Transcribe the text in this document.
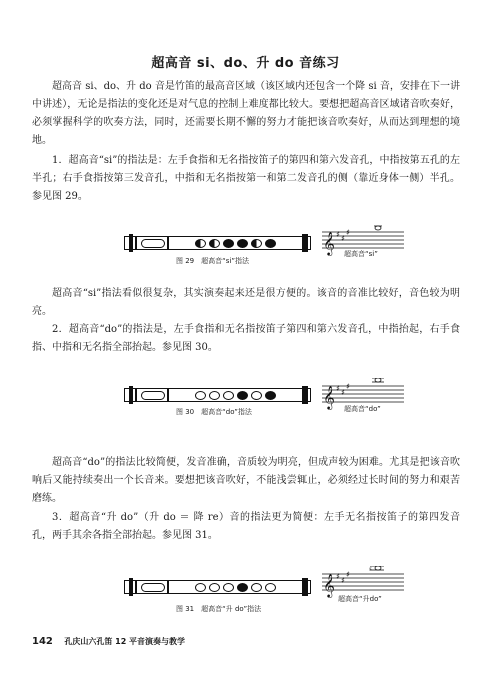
超高音 si、do、升 do 音练习

超高音 si、do、升 do 音是竹笛的最高音区域（该区域内还包含一个降 si 音，安排在下一讲中讲述），无论是指法的变化还是对气息的控制上难度都比较大。要想把超高音区域诸音吹奏好，必须掌握科学的吹奏方法，同时，还需要长期不懈的努力才能把该音吹奏好，从而达到理想的境地。

1．超高音“si”的指法是：左手食指和无名指按笛子的第四和第六发音孔，中指按第五孔的左半孔；右手食指按第三发音孔，中指和无名指按第一和第二发音孔的侧（靠近身体一侧）半孔。参见图 29。

𝄞 ♯ ♯
♯
图 29　超高音“si”指法
超高音“si”

超高音“si”指法看似很复杂，其实演奏起来还是很方便的。该音的音准比较好，音色较为明亮。

2．超高音“do”的指法是，左手食指和无名指按笛子第四和第六发音孔，中指抬起，右手食指、中指和无名指全部抬起。参见图 30。

𝄞 ♯ ♯
♯
图 30　超高音“do”指法	超高音“do”

超高音“do”的指法比较简便，发音准确，音质较为明亮，但成声较为困难。尤其是把该音吹响后又能持续奏出一个长音来。要想把该音吹好，不能浅尝辄止，必须经过长时间的努力和艰苦磨练。

3．超高音“升 do”（升 do ＝ 降 re）音的指法更为简便：左手无名指按笛子的第四发音孔，两手其余各指全部抬起。参见图 31。

𝄞 ♯ ♯
♯
♯
图 31　超高音“升 do”指法
超高音“升do”
142 孔庆山六孔笛 12 平音演奏与教学
